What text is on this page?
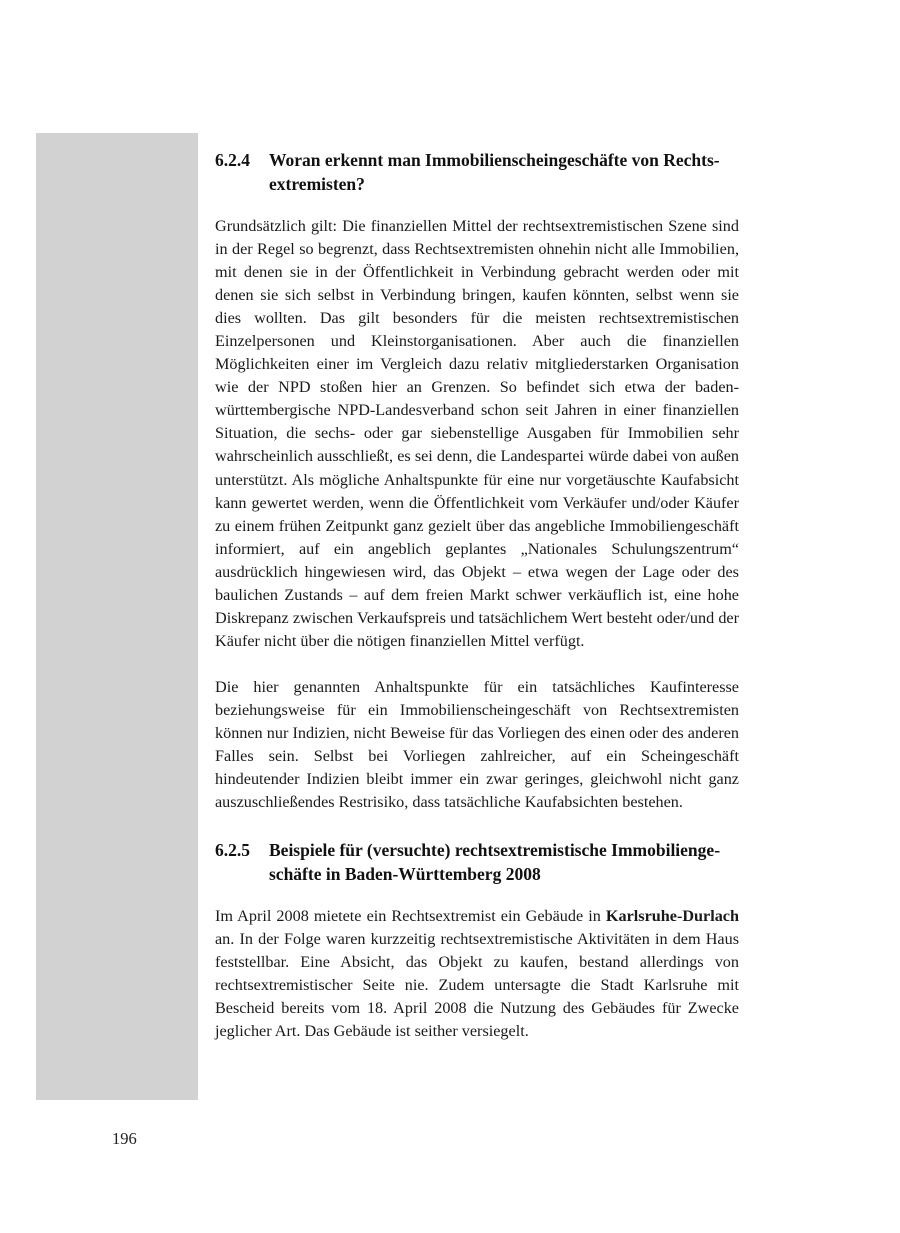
6.2.4	Woran erkennt man Immobilienscheingeschäfte von Rechtsextremisten?

Grundsätzlich gilt: Die finanziellen Mittel der rechtsextremistischen Szene sind in der Regel so begrenzt, dass Rechtsextremisten ohnehin nicht alle Immobilien, mit denen sie in der Öffentlichkeit in Verbindung gebracht werden oder mit denen sie sich selbst in Verbindung bringen, kaufen könnten, selbst wenn sie dies wollten. Das gilt besonders für die meisten rechtsextremistischen Einzelpersonen und Kleinstorganisationen. Aber auch die finanziellen Möglichkeiten einer im Vergleich dazu relativ mitgliederstarken Organisation wie der NPD stoßen hier an Grenzen. So befindet sich etwa der baden-württembergische NPD-Landesverband schon seit Jahren in einer finanziellen Situation, die sechs- oder gar siebenstellige Ausgaben für Immobilien sehr wahrscheinlich ausschließt, es sei denn, die Landespartei würde dabei von außen unterstützt. Als mögliche Anhaltspunkte für eine nur vorgetäuschte Kaufabsicht kann gewertet werden, wenn die Öffentlichkeit vom Verkäufer und/oder Käufer zu einem frühen Zeitpunkt ganz gezielt über das angebliche Immobiliengeschäft informiert, auf ein angeblich geplantes „Nationales Schulungszentrum“ ausdrücklich hingewiesen wird, das Objekt – etwa wegen der Lage oder des baulichen Zustands – auf dem freien Markt schwer verkäuflich ist, eine hohe Diskrepanz zwischen Verkaufspreis und tatsächlichem Wert besteht oder/und der Käufer nicht über die nötigen finanziellen Mittel verfügt.

Die hier genannten Anhaltspunkte für ein tatsächliches Kaufinteresse beziehungsweise für ein Immobilienscheingeschäft von Rechtsextremisten können nur Indizien, nicht Beweise für das Vorliegen des einen oder des anderen Falles sein. Selbst bei Vorliegen zahlreicher, auf ein Scheingeschäft hindeutender Indizien bleibt immer ein zwar geringes, gleichwohl nicht ganz auszuschließendes Restrisiko, dass tatsächliche Kaufabsichten bestehen.

6.2.5	Beispiele für (versuchte) rechtsextremistische Immobiliengeschäfte in Baden-Württemberg 2008

Im April 2008 mietete ein Rechtsextremist ein Gebäude in Karlsruhe-Durlach an. In der Folge waren kurzzeitig rechtsextremistische Aktivitäten in dem Haus feststellbar. Eine Absicht, das Objekt zu kaufen, bestand allerdings von rechtsextremistischer Seite nie. Zudem untersagte die Stadt Karlsruhe mit Bescheid bereits vom 18. April 2008 die Nutzung des Gebäudes für Zwecke jeglicher Art. Das Gebäude ist seither versiegelt.

196
